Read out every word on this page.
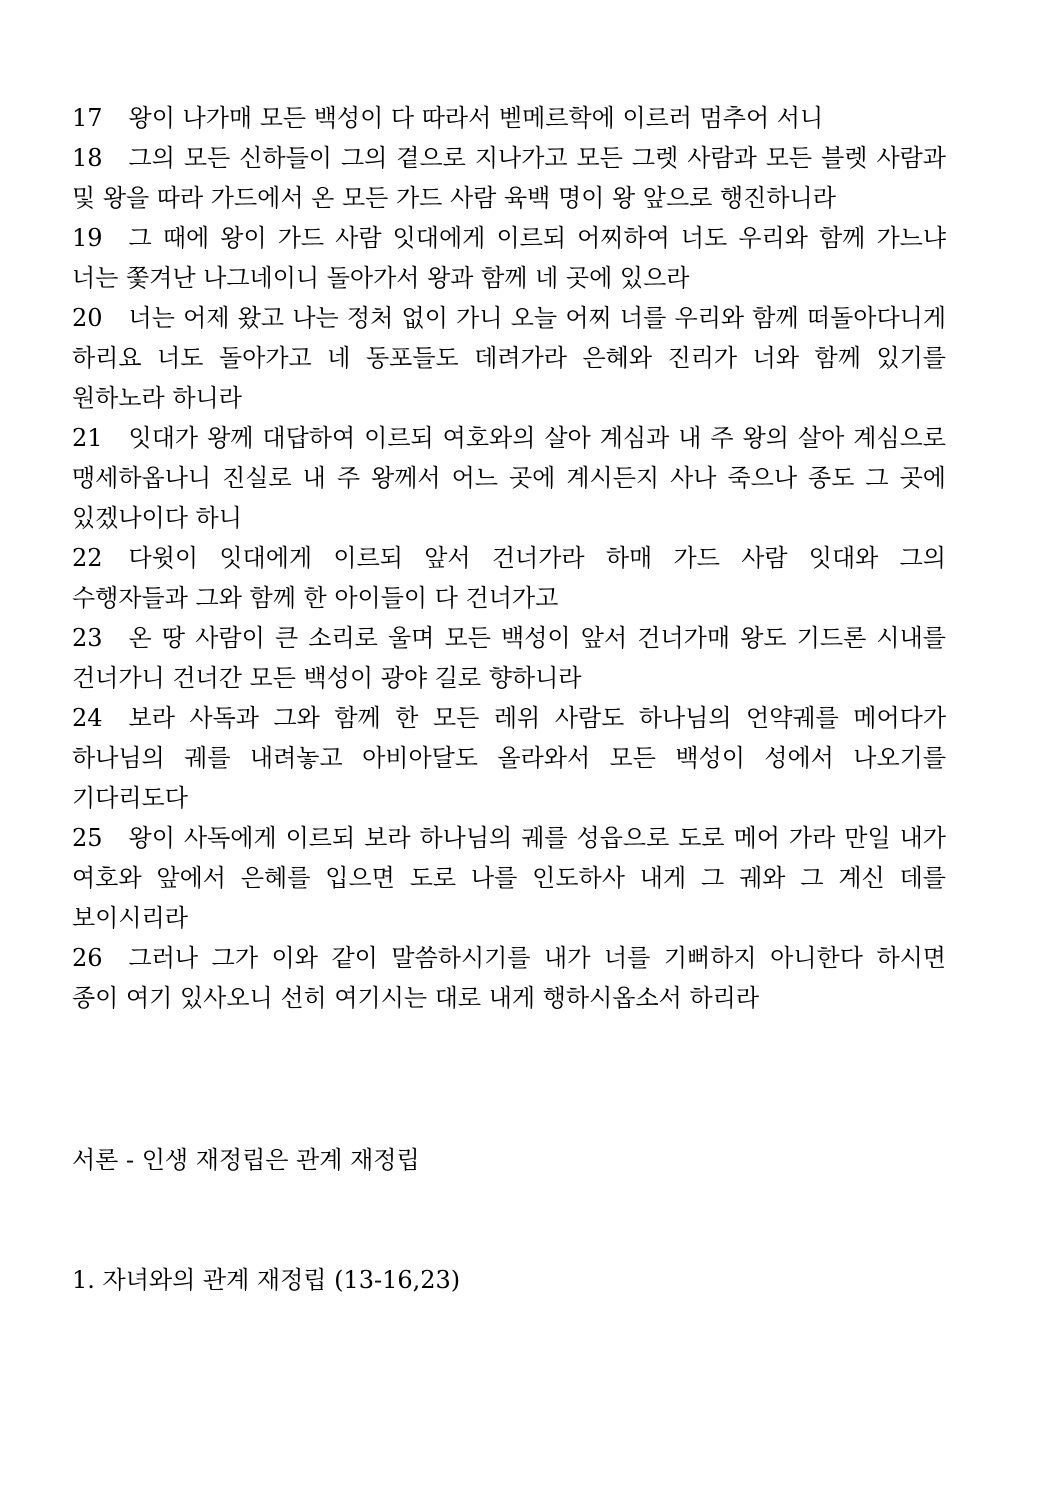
17 왕이 나가매 모든 백성이 다 따라서 벧메르학에 이르러 멈추어 서니

18 그의 모든 신하들이 그의 곁으로 지나가고 모든 그렛 사람과 모든 블렛 사람과 및 왕을 따라 가드에서 온 모든 가드 사람 육백 명이 왕 앞으로 행진하니라

19 그 때에 왕이 가드 사람 잇대에게 이르되 어찌하여 너도 우리와 함께 가느냐 너는 쫓겨난 나그네이니 돌아가서 왕과 함께 네 곳에 있으라

20 너는 어제 왔고 나는 정처 없이 가니 오늘 어찌 너를 우리와 함께 떠돌아다니게 하리요 너도 돌아가고 네 동포들도 데려가라 은혜와 진리가 너와 함께 있기를 원하노라 하니라

21 잇대가 왕께 대답하여 이르되 여호와의 살아 계심과 내 주 왕의 살아 계심으로 맹세하옵나니 진실로 내 주 왕께서 어느 곳에 계시든지 사나 죽으나 종도 그 곳에 있겠나이다 하니

22 다윗이 잇대에게 이르되 앞서 건너가라 하매 가드 사람 잇대와 그의 수행자들과 그와 함께 한 아이들이 다 건너가고

23 온 땅 사람이 큰 소리로 울며 모든 백성이 앞서 건너가매 왕도 기드론 시내를 건너가니 건너간 모든 백성이 광야 길로 향하니라

24 보라 사독과 그와 함께 한 모든 레위 사람도 하나님의 언약궤를 메어다가 하나님의 궤를 내려놓고 아비아달도 올라와서 모든 백성이 성에서 나오기를 기다리도다

25 왕이 사독에게 이르되 보라 하나님의 궤를 성읍으로 도로 메어 가라 만일 내가 여호와 앞에서 은혜를 입으면 도로 나를 인도하사 내게 그 궤와 그 계신 데를 보이시리라

26 그러나 그가 이와 같이 말씀하시기를 내가 너를 기뻐하지 아니한다 하시면 종이 여기 있사오니 선히 여기시는 대로 내게 행하시옵소서 하리라

서론 - 인생 재정립은 관계 재정립

1. 자녀와의 관계 재정립 (13-16,23)
